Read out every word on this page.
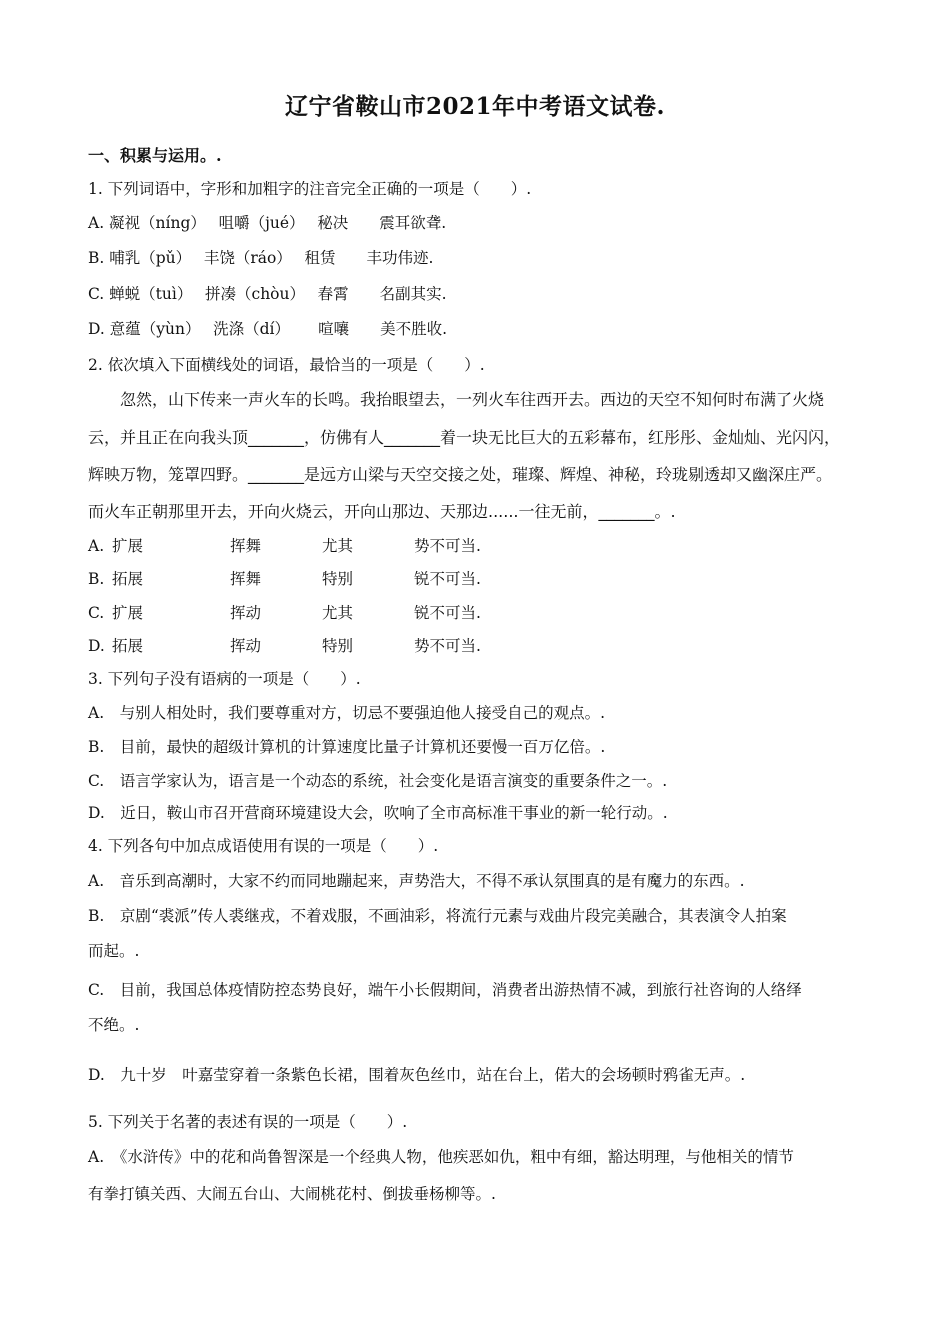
辽宁省鞍山市2021年中考语文试卷.
一、积累与运用。.
1. 下列词语中，字形和加粗字的注音完全正确的一项是（　　）.
A. 凝视（níng）　 咀嚼（jué）　 秘决　　震耳欲聋.
B. 哺乳（pǔ）　 丰饶（ráo）　 租赁　　丰功伟迹.
C. 蝉蜕（tuì）　 拼凑（chòu）　 春霄　　名副其实.
D. 意蕴（yùn）　 洗涤（dí）　　 喧嚷　　美不胜收.
2. 依次填入下面横线处的词语，最恰当的一项是（　　）.
　　忽然，山下传来一声火车的长鸣。我抬眼望去，一列火车往西开去。西边的天空不知何时布满了火烧
云，并且正在向我头顶_______，仿佛有人_______着一块无比巨大的五彩幕布，红彤彤、金灿灿、光闪闪，
辉映万物，笼罩四野。_______是远方山梁与天空交接之处，璀璨、辉煌、神秘，玲珑剔透却又幽深庄严。
而火车正朝那里开去，开向火烧云，开向山那边、天那边......一往无前，_______。.
A. 扩展	挥舞	尤其	势不可当.
B. 拓展	挥舞	特别	锐不可当.
C. 扩展	挥动	尤其	锐不可当.
D. 拓展	挥动	特别	势不可当.
3. 下列句子没有语病的一项是（　　）.
A.　与别人相处时，我们要尊重对方，切忌不要强迫他人接受自己的观点。.
B.　目前，最快的超级计算机的计算速度比量子计算机还要慢一百万亿倍。.
C.　语言学家认为，语言是一个动态的系统，社会变化是语言演变的重要条件之一。.
D.　近日，鞍山市召开营商环境建设大会，吹响了全市高标准干事业的新一轮行动。.
4. 下列各句中加点成语使用有误的一项是（　　）.
A.　音乐到高潮时，大家不约而同地蹦起来，声势浩大，不得不承认氛围真的是有魔力的东西。.
B.　京剧“裘派”传人裘继戎，不着戏服，不画油彩，将流行元素与戏曲片段完美融合，其表演令人拍案
而起。.
C.　目前，我国总体疫情防控态势良好，端午小长假期间，消费者出游热情不减，到旅行社咨询的人络绎
不绝。.
D.　九十岁　叶嘉莹穿着一条紫色长裙，围着灰色丝巾，站在台上，偌大的会场顿时鸦雀无声。.
5. 下列关于名著的表述有误的一项是（　　）.
A.　《水浒传》中的花和尚鲁智深是一个经典人物，他疾恶如仇，粗中有细，豁达明理，与他相关的情节
有拳打镇关西、大闹五台山、大闹桃花村、倒拔垂杨柳等。.
